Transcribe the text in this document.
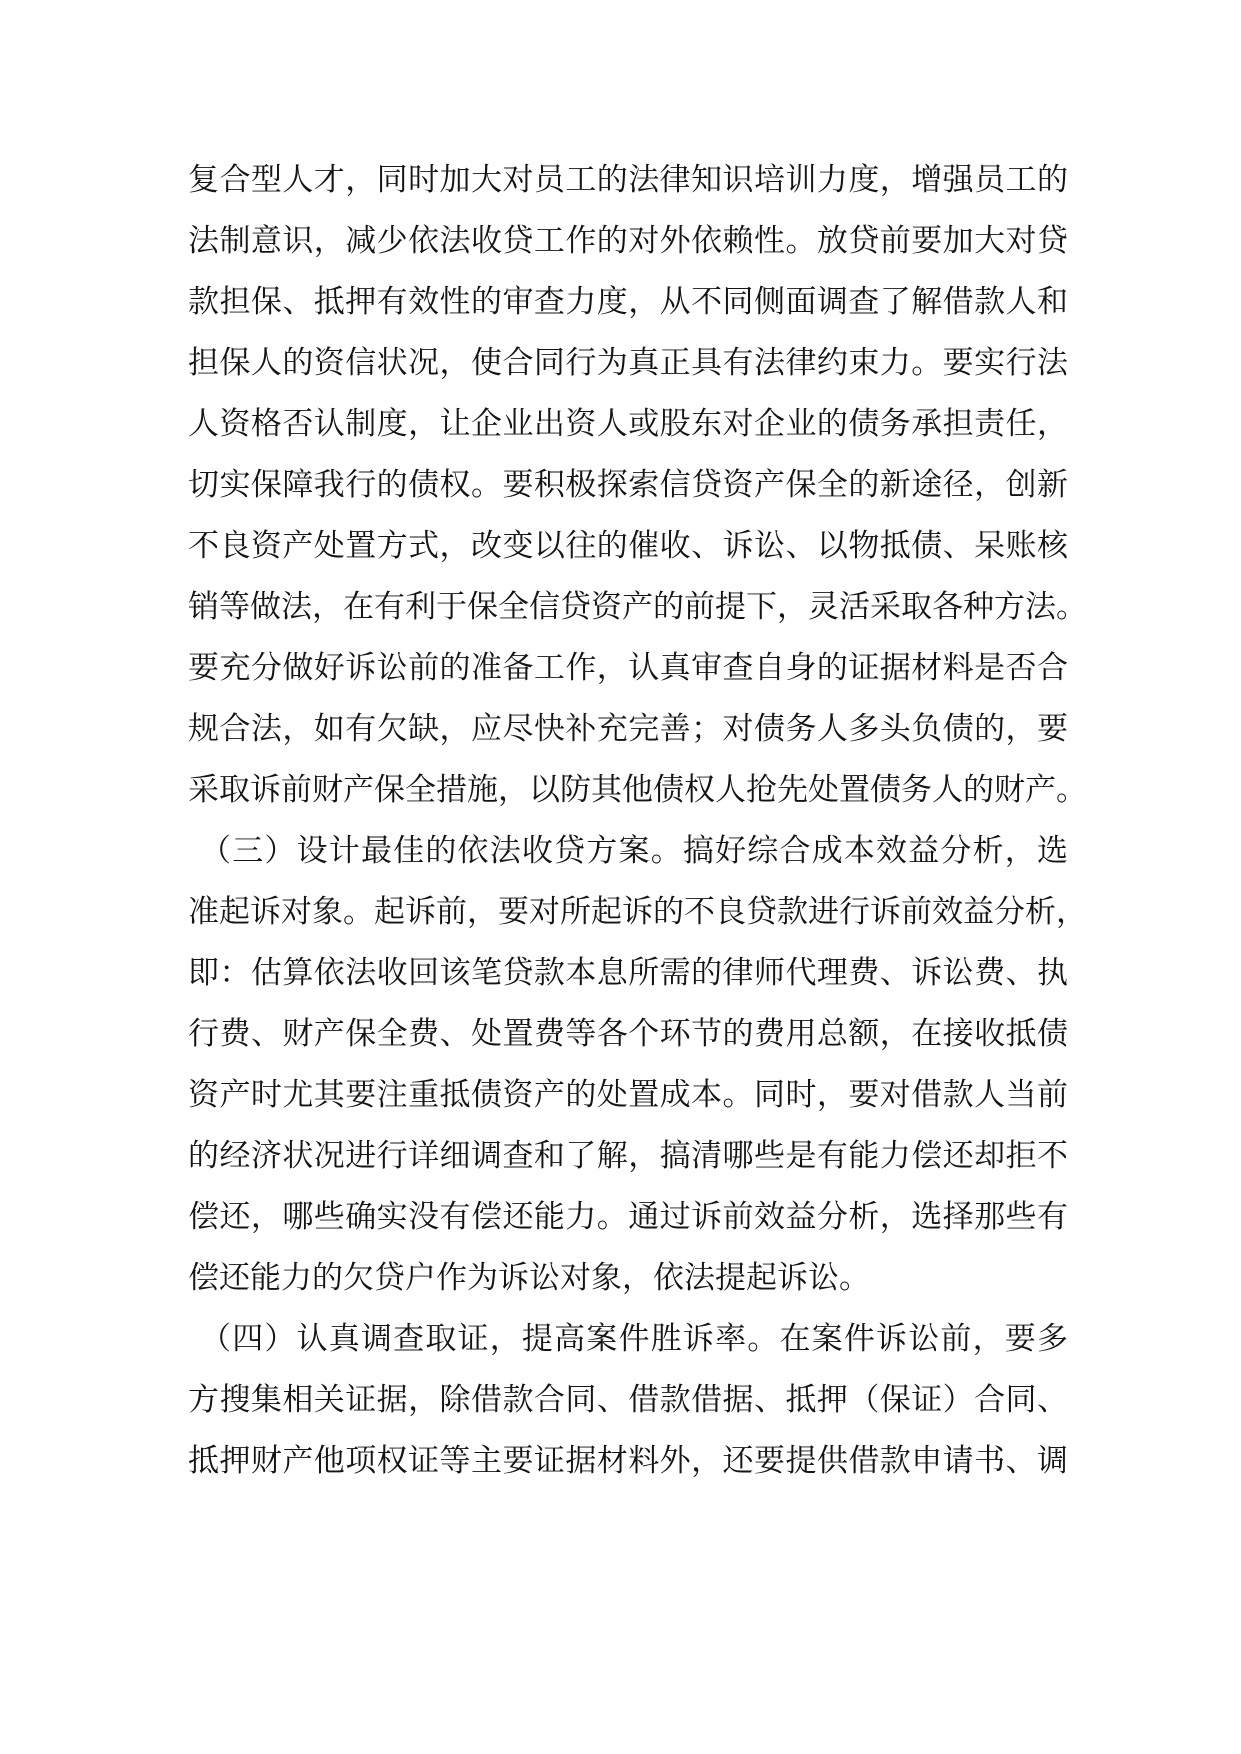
复合型人才，同时加大对员工的法律知识培训力度，增强员工的
法制意识，减少依法收贷工作的对外依赖性。放贷前要加大对贷
款担保、抵押有效性的审查力度，从不同侧面调查了解借款人和
担保人的资信状况，使合同行为真正具有法律约束力。要实行法
人资格否认制度，让企业出资人或股东对企业的债务承担责任，
切实保障我行的债权。要积极探索信贷资产保全的新途径，创新
不良资产处置方式，改变以往的催收、诉讼、以物抵债、呆账核
销等做法，在有利于保全信贷资产的前提下，灵活采取各种方法。
要充分做好诉讼前的准备工作，认真审查自身的证据材料是否合
规合法，如有欠缺，应尽快补充完善；对债务人多头负债的，要
采取诉前财产保全措施，以防其他债权人抢先处置债务人的财产。
（三）设计最佳的依法收贷方案。搞好综合成本效益分析，选
准起诉对象。起诉前，要对所起诉的不良贷款进行诉前效益分析，
即：估算依法收回该笔贷款本息所需的律师代理费、诉讼费、执
行费、财产保全费、处置费等各个环节的费用总额，在接收抵债
资产时尤其要注重抵债资产的处置成本。同时，要对借款人当前
的经济状况进行详细调查和了解，搞清哪些是有能力偿还却拒不
偿还，哪些确实没有偿还能力。通过诉前效益分析，选择那些有
偿还能力的欠贷户作为诉讼对象，依法提起诉讼。
（四）认真调查取证，提高案件胜诉率。在案件诉讼前，要多
方搜集相关证据，除借款合同、借款借据、抵押（保证）合同、
抵押财产他项权证等主要证据材料外，还要提供借款申请书、调
